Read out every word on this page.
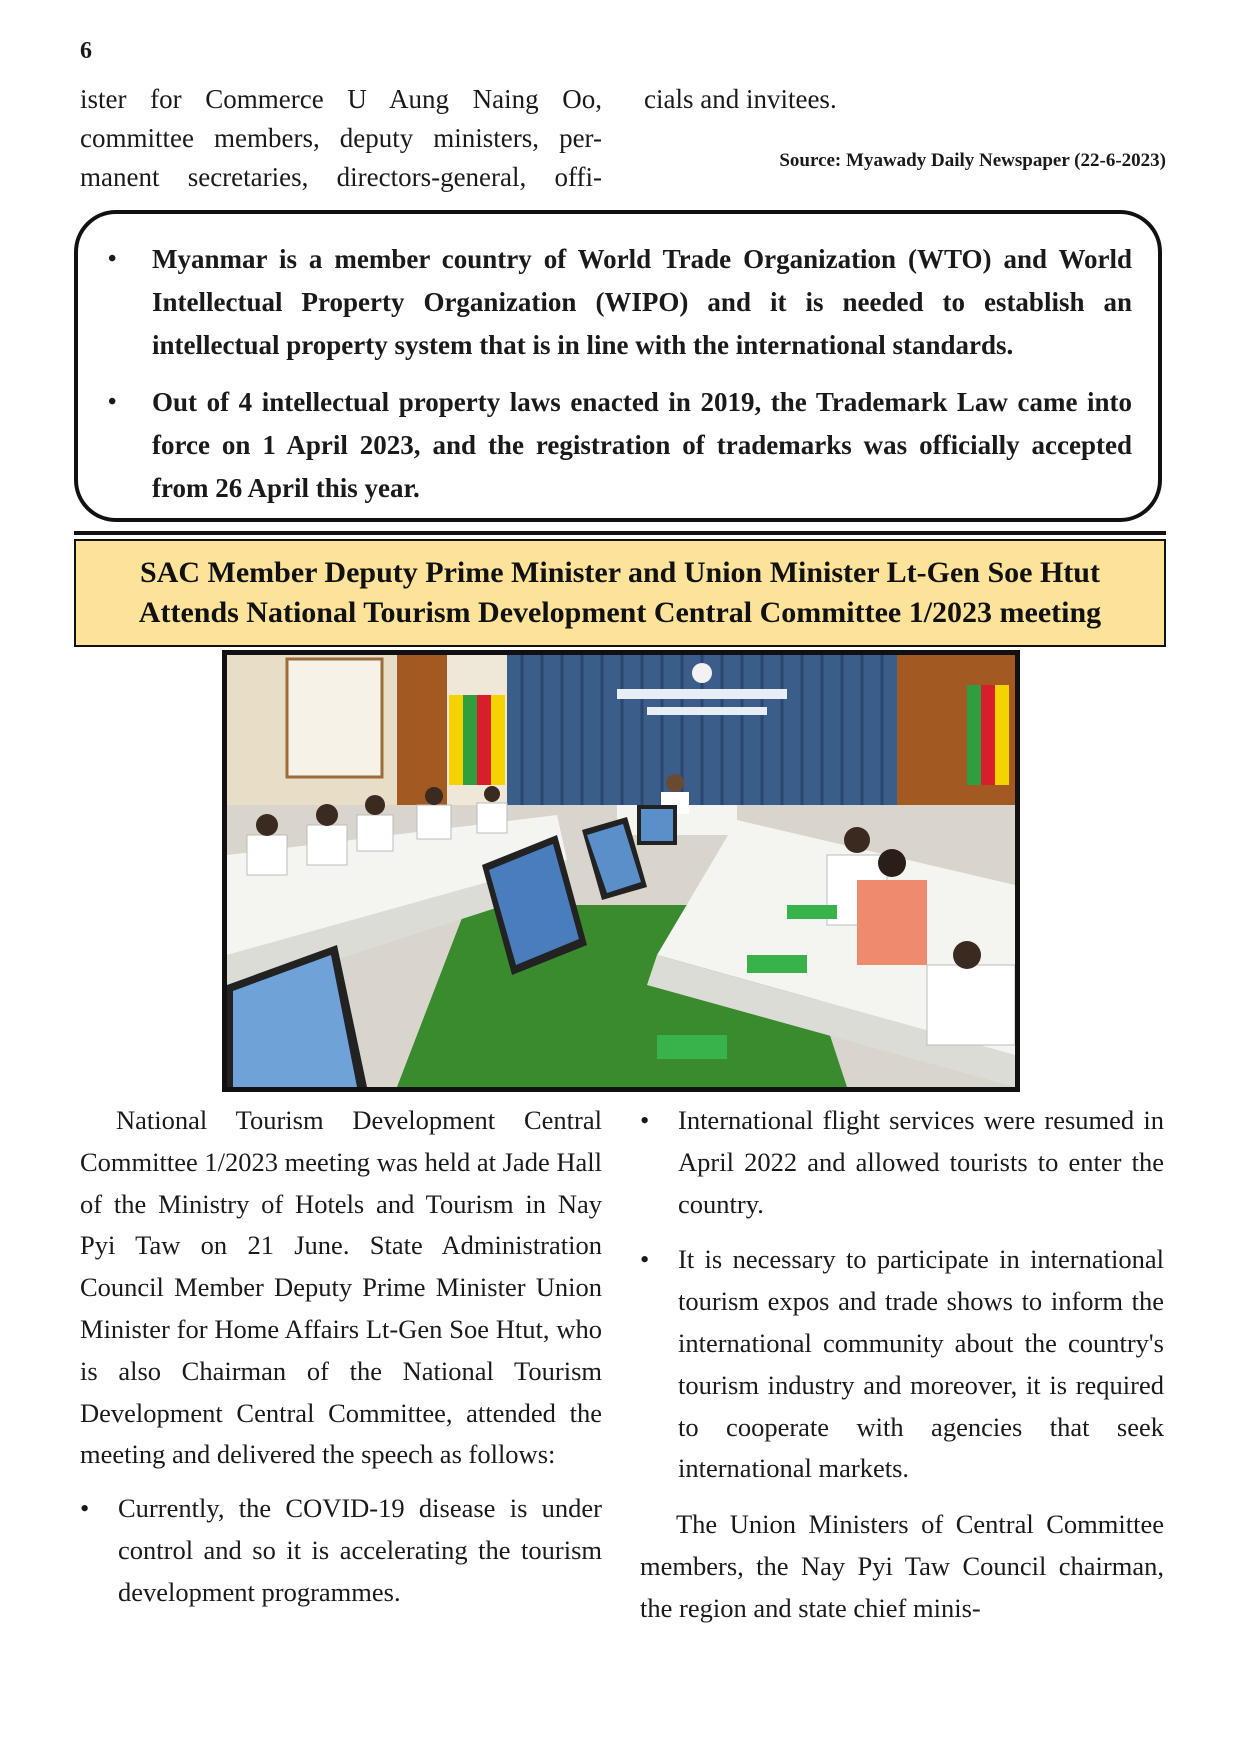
6
ister for Commerce U Aung Naing Oo,
committee members, deputy ministers, per-
manent secretaries, directors-general, offi-
cials and invitees.
Source: Myawady Daily Newspaper (22-6-2023)
• Myanmar is a member country of World Trade Organization (WTO) and World Intellectual Property Organization (WIPO) and it is needed to establish an intellectual property system that is in line with the international standards.
• Out of 4 intellectual property laws enacted in 2019, the Trademark Law came into force on 1 April 2023, and the registration of trademarks was officially accepted from 26 April this year.
SAC Member Deputy Prime Minister and Union Minister Lt-Gen Soe Htut
Attends National Tourism Development Central Committee 1/2023 meeting

National Tourism Development Central Committee 1/2023 meeting was held at Jade Hall of the Ministry of Hotels and Tourism in Nay Pyi Taw on 21 June. State Administration Council Member Deputy Prime Minister Union Minister for Home Affairs Lt-Gen Soe Htut, who is also Chairman of the National Tourism Development Central Committee, attended the meeting and delivered the speech as follows:

• Currently, the COVID-19 disease is under control and so it is accelerating the tourism development programmes.
• International flight services were resumed in April 2022 and allowed tourists to enter the country.
• It is necessary to participate in international tourism expos and trade shows to inform the international community about the country's tourism industry and moreover, it is required to cooperate with agencies that seek international markets.

The Union Ministers of Central Committee members, the Nay Pyi Taw Council chairman, the region and state chief minis-
